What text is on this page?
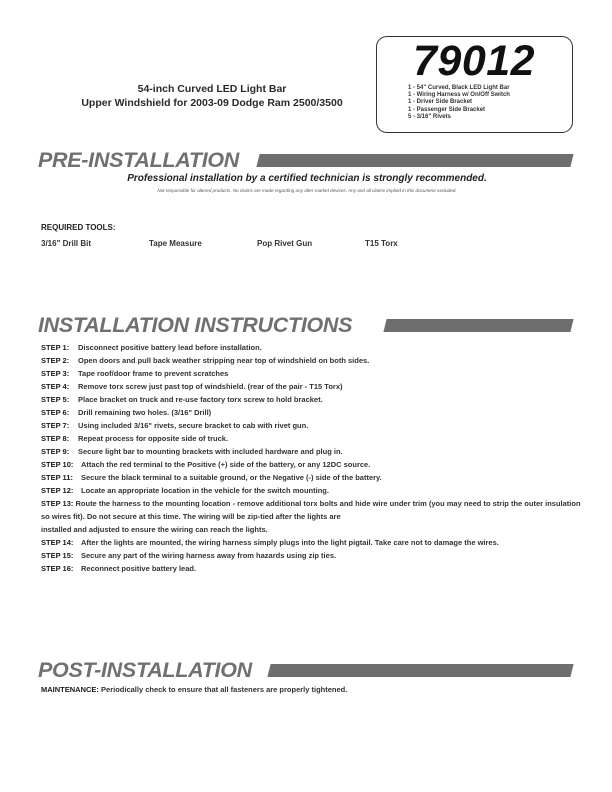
54-inch Curved LED Light Bar
Upper Windshield for 2003-09 Dodge Ram 2500/3500
79012
1 - 54" Curved, Black LED Light Bar
1 - Wiring Harness w/ On/Off Switch
1 - Driver Side Bracket
1 - Passenger Side Bracket
5 - 3/16" Rivets
PRE-INSTALLATION
Professional installation by a certified technician is strongly recommended.
Not responsible for altered products. No claims are made regarding any after-market devices. Any and all claims implied in this document excluded.
REQUIRED TOOLS:
3/16" Drill Bit	Tape Measure	Pop Rivet Gun	T15 Torx
INSTALLATION INSTRUCTIONS
STEP 1: Disconnect positive battery lead before installation.
STEP 2: Open doors and pull back weather stripping near top of windshield on both sides.
STEP 3: Tape roof/door frame to prevent scratches
STEP 4: Remove torx screw just past top of windshield. (rear of the pair - T15 Torx)
STEP 5: Place bracket on truck and re-use factory torx screw to hold bracket.
STEP 6: Drill remaining two holes. (3/16" Drill)
STEP 7: Using included 3/16" rivets, secure bracket to cab with rivet gun.
STEP 8: Repeat process for opposite side of truck.
STEP 9: Secure light bar to mounting brackets with included hardware and plug in.
STEP 10: Attach the red terminal to the Positive (+) side of the battery, or any 12DC source.
STEP 11: Secure the black terminal to a suitable ground, or the Negative (-) side of the battery.
STEP 12: Locate an appropriate location in the vehicle for the switch mounting.
STEP 13: Route the harness to the mounting location - remove additional torx bolts and hide wire under trim (you may need to strip the outer insulation so wires fit). Do not secure at this time. The wiring will be zip-tied after the lights are
installed and adjusted to ensure the wiring can reach the lights.
STEP 14: After the lights are mounted, the wiring harness simply plugs into the light pigtail. Take care not to damage the wires.
STEP 15: Secure any part of the wiring harness away from hazards using zip ties.
STEP 16: Reconnect positive battery lead.
POST-INSTALLATION
MAINTENANCE: Periodically check to ensure that all fasteners are properly tightened.
